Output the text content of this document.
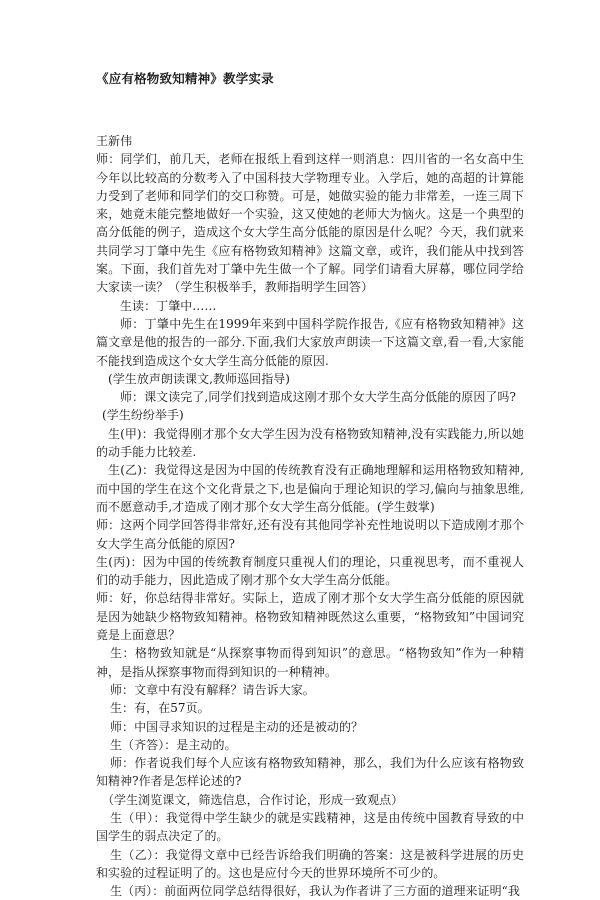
《应有格物致知精神》教学实录

王新伟

师：同学们，前几天，老师在报纸上看到这样一则消息：四川省的一名女高中生今年以比较高的分数考入了中国科技大学物理专业。入学后，她的高超的计算能力受到了老师和同学们的交口称赞。可是，她做实验的能力非常差，一连三周下来，她竟未能完整地做好一个实验，这又使她的老师大为恼火。这是一个典型的高分低能的例子，造成这个女大学生高分低能的原因是什么呢？今天，我们就来共同学习丁肇中先生《应有格物致知精神》这篇文章，或许，我们能从中找到答案。下面，我们首先对丁肇中先生做一个了解。同学们请看大屏幕，哪位同学给大家读一读？（学生积极举手，教师指明学生回答）

生读：丁肇中……

师：丁肇中先生在1999年来到中国科学院作报告,《应有格物致知精神》这篇文章是他的报告的一部分.下面,我们大家放声朗读一下这篇文章,看一看,大家能不能找到造成这个女大学生高分低能的原因.

(学生放声朗读课文,教师巡回指导)

师：课文读完了,同学们找到造成这刚才那个女大学生高分低能的原因了吗?

(学生纷纷举手)

生(甲)：我觉得刚才那个女大学生因为没有格物致知精神,没有实践能力,所以她的动手能力比较差.

生(乙)：我觉得这是因为中国的传统教育没有正确地理解和运用格物致知精神,而中国的学生在这个文化背景之下,也是偏向于理论知识的学习,偏向与抽象思维,而不愿意动手,才造成了刚才那个女大学生高分低能。(学生鼓掌)

师：这两个同学回答得非常好,还有没有其他同学补充性地说明以下造成刚才那个女大学生高分低能的原因?

生(丙)：因为中国的传统教育制度只重视人们的理论，只重视思考，而不重视人们的动手能力，因此造成了刚才那个女大学生高分低能。

师：好，你总结得非常好。实际上，造成了刚才那个女大学生高分低能的原因就是因为她缺少格物致知精神。格物致知精神既然这么重要，“格物致知”中国词究竟是上面意思？

生：格物致知就是“从探察事物而得到知识”的意思。“格物致知”作为一种精神，是指从探察事物而得到知识的一种精神。

师：文章中有没有解释？请告诉大家。

生：有，在57页。

师：中国寻求知识的过程是主动的还是被动的？

生（齐答）：是主动的。

师：作者说我们每个人应该有格物致知精神，那么，我们为什么应该有格物致知精神?作者是怎样论述的?

（学生浏览课文，筛选信息，合作讨论，形成一致观点）

生（甲）：我觉得中学生缺少的就是实践精神，这是由传统中国教育导致的中国学生的弱点决定了的。

生（乙）：我觉得文章中已经告诉给我们明确的答案：这是被科学进展的历史和实验的过程证明了的。这也是应付今天的世界环境所不可少的。

生（丙）：前面两位同学总结得很好，我认为作者讲了三方面的道理来证明“我
